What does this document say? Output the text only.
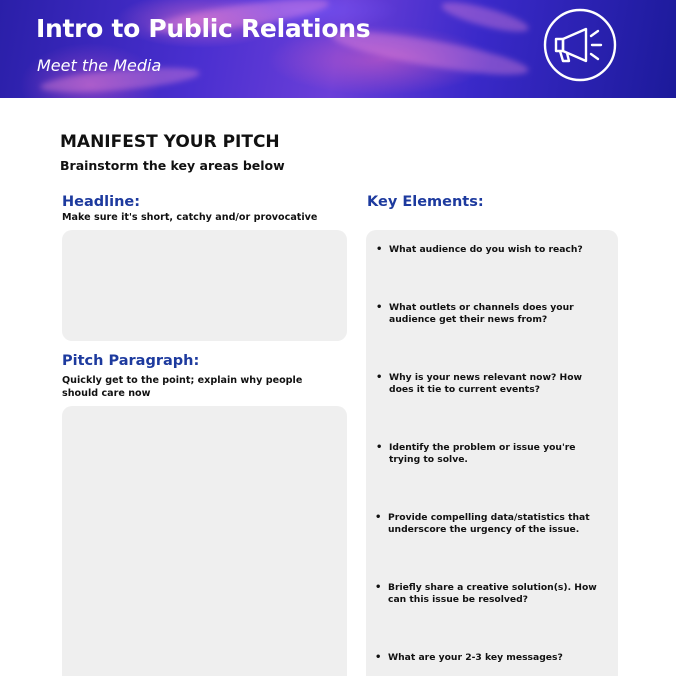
Intro to Public Relations
Meet the Media
MANIFEST YOUR PITCH
Brainstorm the key areas below
Headline:
Make sure it's short, catchy and/or provocative
Pitch Paragraph:
Quickly get to the point; explain why people should care now
Key Elements:
• What audience do you wish to reach?
• What outlets or channels does your audience get their news from?
• Why is your news relevant now? How does it tie to current events?
• Identify the problem or issue you're trying to solve.
• Provide compelling data/statistics that underscore the urgency of the issue.
• Briefly share a creative solution(s). How can this issue be resolved?
• What are your 2-3 key messages?
